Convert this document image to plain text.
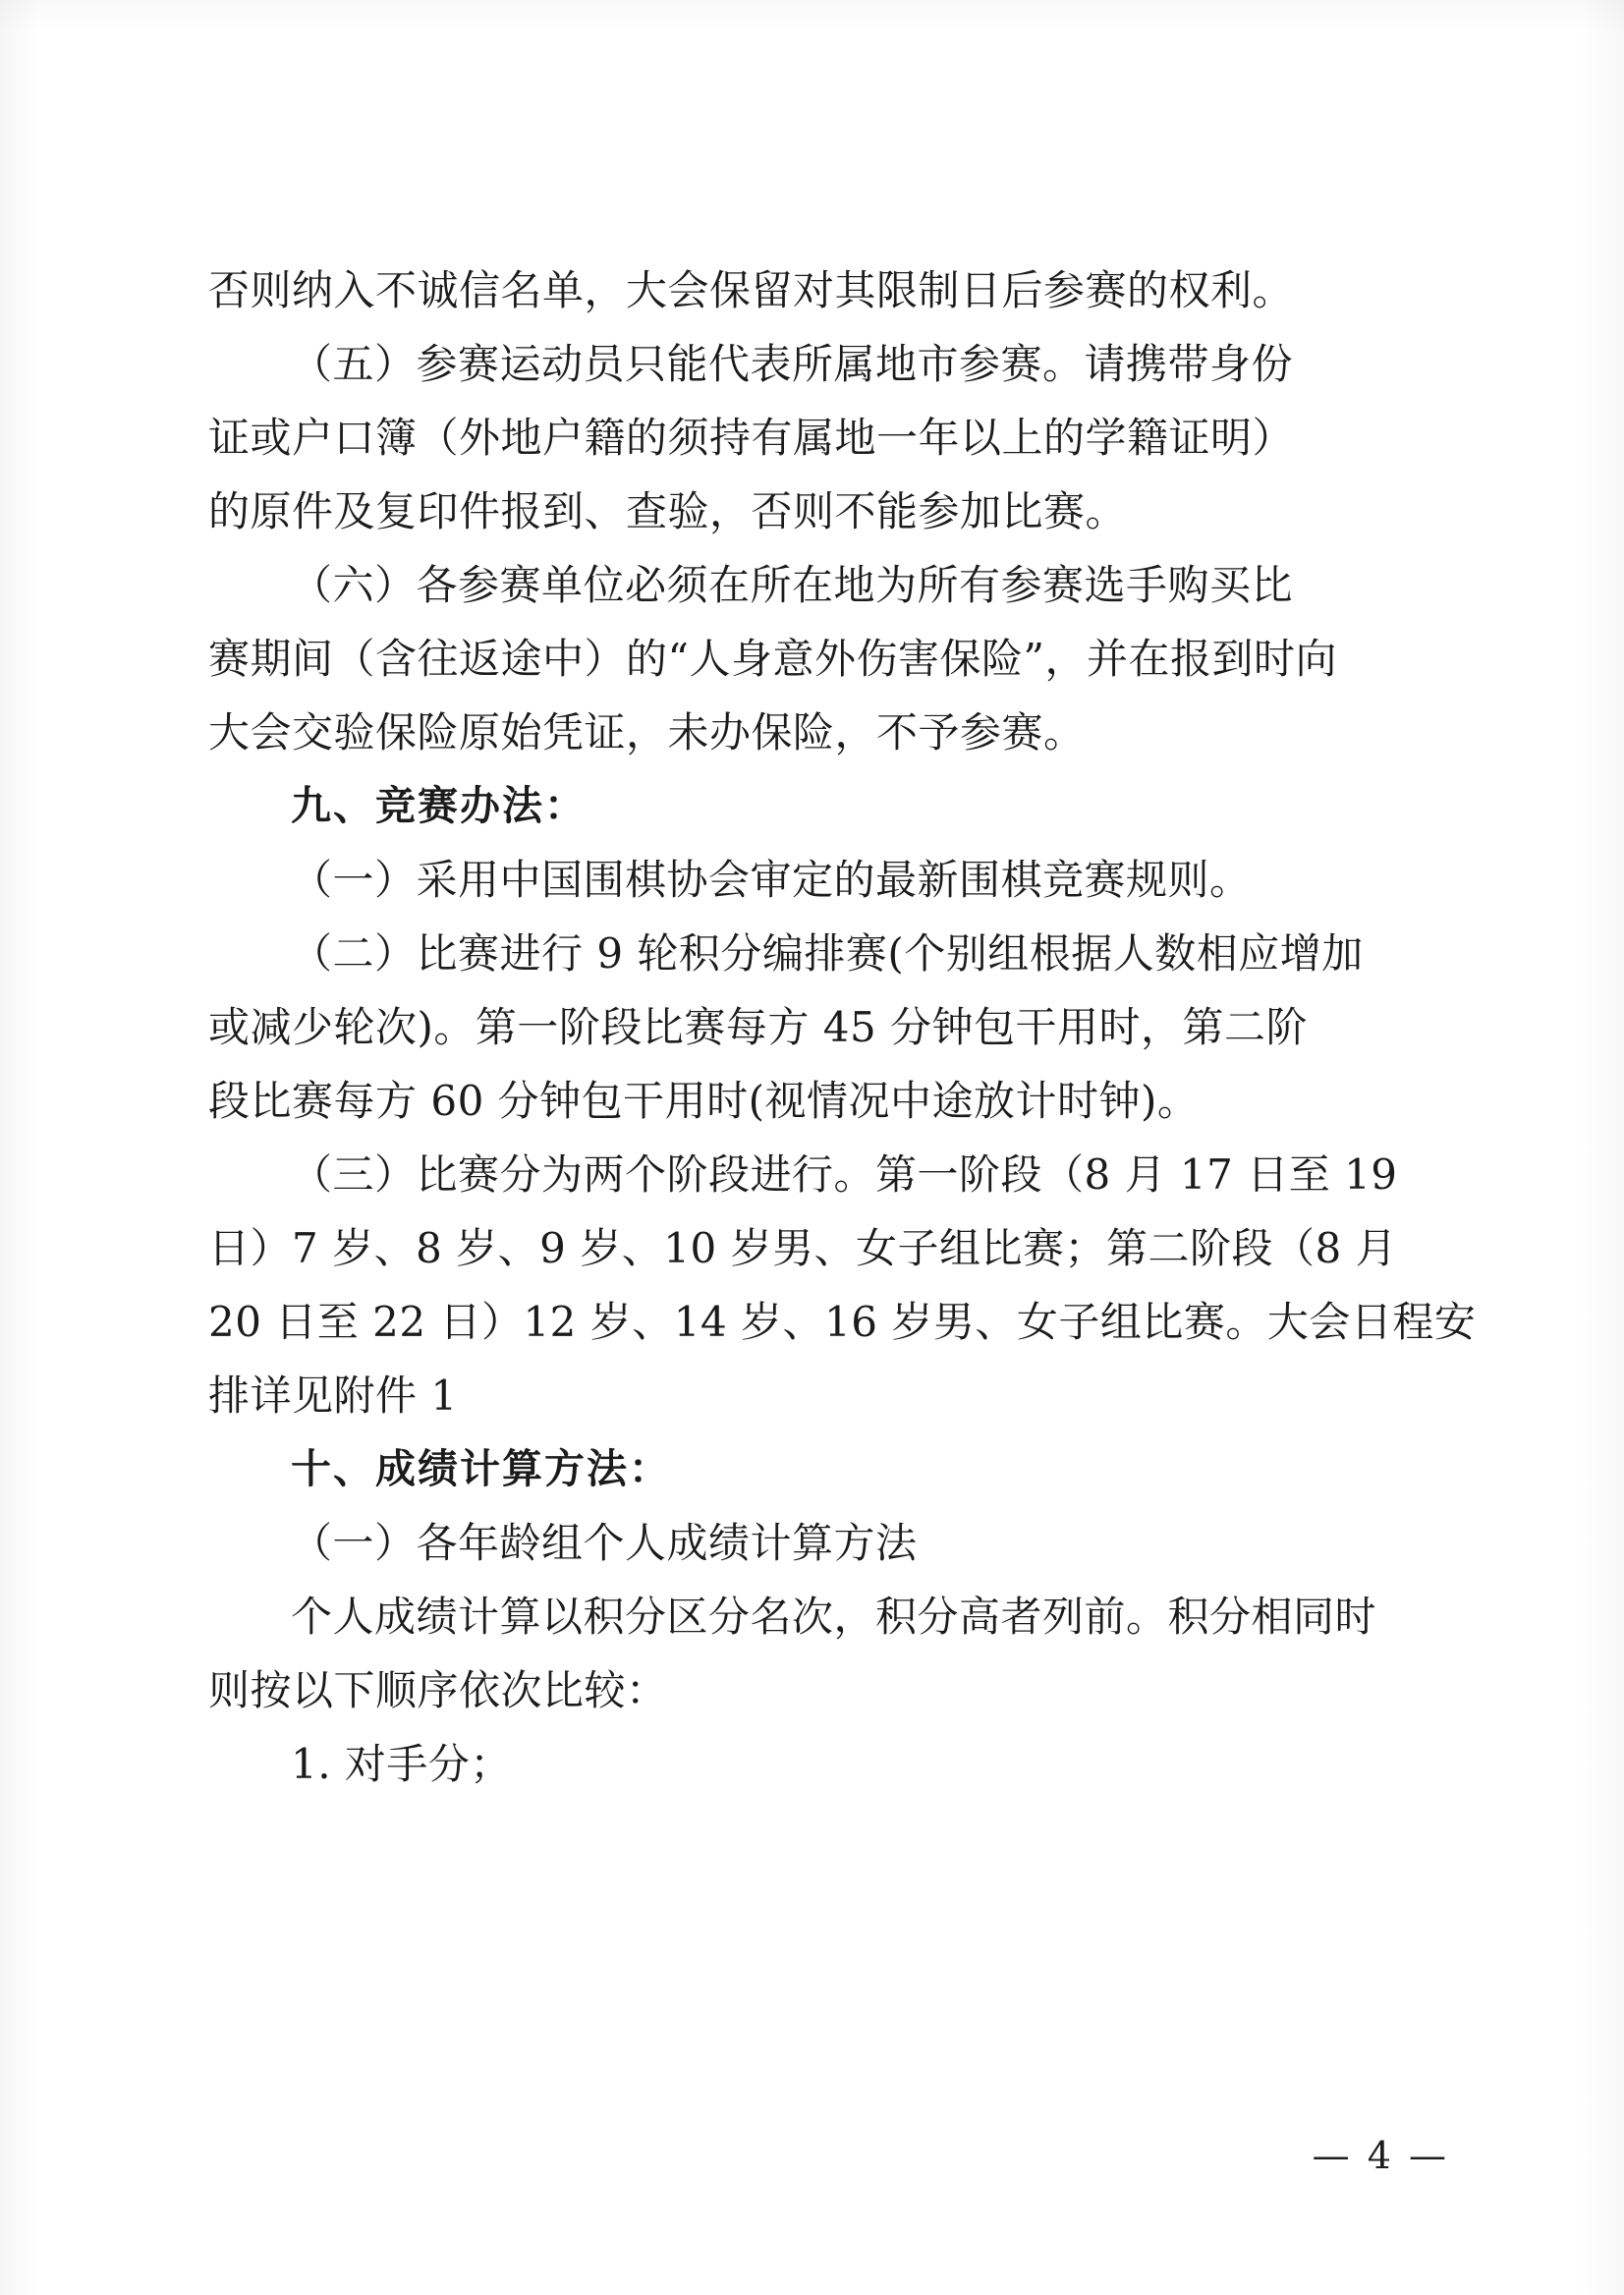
否则纳入不诚信名单，大会保留对其限制日后参赛的权利。
（五）参赛运动员只能代表所属地市参赛。请携带身份
证或户口簿（外地户籍的须持有属地一年以上的学籍证明）
的原件及复印件报到、查验，否则不能参加比赛。
（六）各参赛单位必须在所在地为所有参赛选手购买比
赛期间（含往返途中）的“人身意外伤害保险”，并在报到时向
大会交验保险原始凭证，未办保险，不予参赛。
九、竞赛办法：
（一）采用中国围棋协会审定的最新围棋竞赛规则。
（二）比赛进行 9 轮积分编排赛(个别组根据人数相应增加
或减少轮次)。第一阶段比赛每方 45 分钟包干用时，第二阶
段比赛每方 60 分钟包干用时(视情况中途放计时钟)。
（三）比赛分为两个阶段进行。第一阶段（8 月 17 日至 19
日）7 岁、8 岁、9 岁、10 岁男、女子组比赛；第二阶段（8 月
20 日至 22 日）12 岁、14 岁、16 岁男、女子组比赛。大会日程安
排详见附件 1
十、成绩计算方法：
（一）各年龄组个人成绩计算方法
个人成绩计算以积分区分名次，积分高者列前。积分相同时
则按以下顺序依次比较：
1. 对手分；
— 4 —
